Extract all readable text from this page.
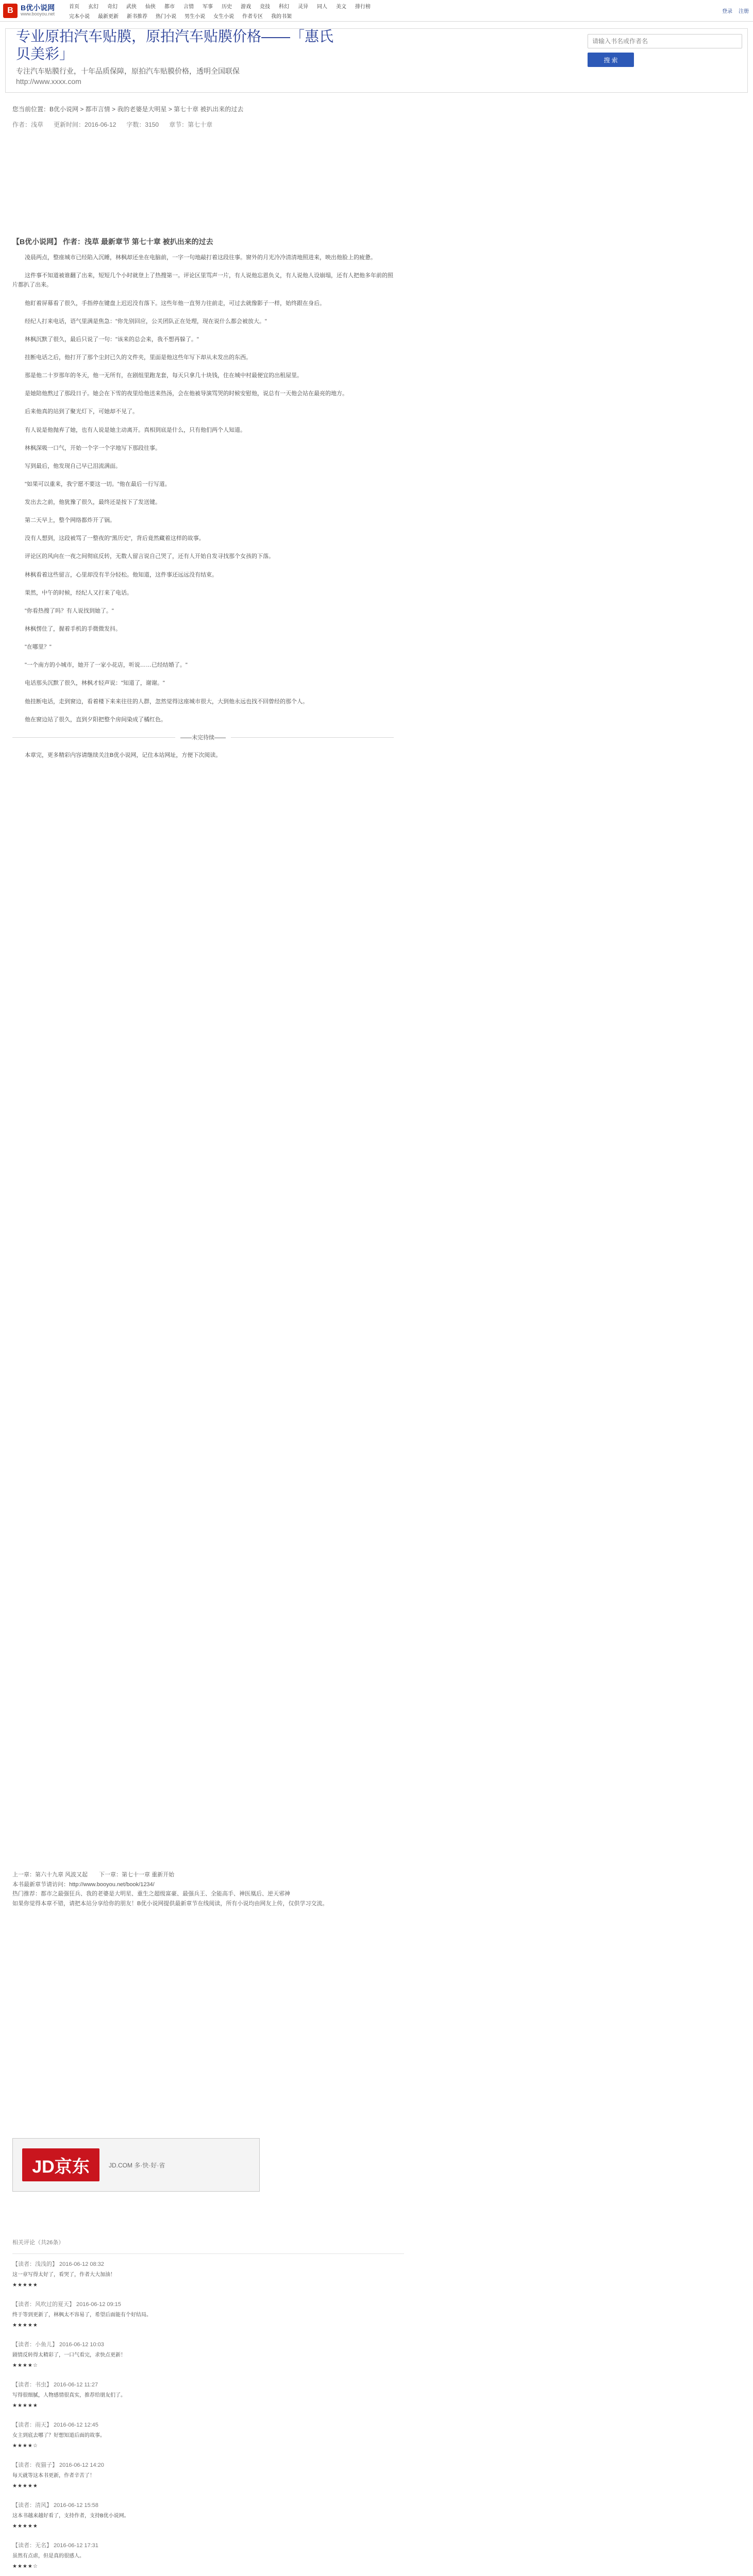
B	B优小说网
www.booyou.net
首页 玄幻 奇幻 武侠 仙侠 都市 言情 军事 历史 游戏 竞技 科幻 灵异 同人 美文 排行榜
完本小说 最新更新 新书推荐 热门小说 男生小说 女生小说 作者专区 我的书架
登录 注册
专业原拍汽车贴膜，原拍汽车贴膜价格——「惠氏贝美彩」
专注汽车贴膜行业，十年品质保障，原拍汽车贴膜价格，透明全国联保
http://www.xxxx.com
请输入书名或作者名
搜 索
您当前位置：B优小说网 > 都市言情 > 我的老婆是大明星 > 第七十章 被扒出来的过去
作者：浅草 更新时间：2016-06-12 字数：3150 章节：第七十章
【B优小说网】 作者：浅草 最新章节 第七十章 被扒出来的过去

凌晨两点，整座城市已经陷入沉睡，林枫却还坐在电脑前，一字一句地敲打着这段往事。窗外的月光冷冷清清地照进来，映出他脸上的疲惫。

这件事不知道被谁翻了出来，短短几个小时就登上了热搜第一。评论区里骂声一片，有人说他忘恩负义，有人说他人设崩塌，还有人把他多年前的照片都扒了出来。

他盯着屏幕看了很久，手指停在键盘上迟迟没有落下。这些年他一直努力往前走，可过去就像影子一样，始终跟在身后。

经纪人打来电话，语气里满是焦急："你先别回应，公关团队正在处理，现在说什么都会被放大。"

林枫沉默了很久，最后只说了一句："该来的总会来，我不想再躲了。"

挂断电话之后，他打开了那个尘封已久的文件夹，里面是他这些年写下却从未发出的东西。

那是他二十岁那年的冬天，他一无所有，在剧组里跑龙套，每天只拿几十块钱，住在城中村最便宜的出租屋里。

是她陪他熬过了那段日子。她会在下雪的夜里给他送来热汤，会在他被导演骂哭的时候安慰他，说总有一天他会站在最亮的地方。

后来他真的站到了聚光灯下，可她却不见了。

有人说是他抛弃了她，也有人说是她主动离开。真相到底是什么，只有他们两个人知道。

林枫深吸一口气，开始一个字一个字地写下那段往事。

写到最后，他发现自己早已泪流满面。

"如果可以重来，我宁愿不要这一切。"他在最后一行写道。

发出去之前，他犹豫了很久，最终还是按下了发送键。

第二天早上，整个网络都炸开了锅。

没有人想到，这段被骂了一整夜的"黑历史"，背后竟然藏着这样的故事。

评论区的风向在一夜之间彻底反转，无数人留言说自己哭了，还有人开始自发寻找那个女孩的下落。

林枫看着这些留言，心里却没有半分轻松。他知道，这件事还远远没有结束。

果然，中午的时候，经纪人又打来了电话。

"你看热搜了吗？有人说找到她了。"

林枫愣住了，握着手机的手微微发抖。

"在哪里？"

"一个南方的小城市，她开了一家小花店，听说……已经结婚了。"

电话那头沉默了很久，林枫才轻声说："知道了，谢谢。"

他挂断电话，走到窗边，看着楼下来来往往的人群，忽然觉得这座城市很大，大到他永远也找不回曾经的那个人。

他在窗边站了很久，直到夕阳把整个房间染成了橘红色。

——未完待续——

本章完，更多精彩内容请继续关注B优小说网，记住本站网址，方便下次阅读。

上一章：第六十九章 风波又起　　下一章：第七十一章 重新开始
本书最新章节请访问：http://www.booyou.net/book/1234/
热门推荐：都市之最强狂兵、我的老婆是大明星、重生之超级富豪、最强兵王、全能高手、神医凰后、逆天邪神
如果你觉得本章不错，请把本站分享给你的朋友！B优小说网提供最新章节在线阅读，所有小说均由网友上传，仅供学习交流。
JD京东	JD.COM 多·快·好·省
相关评论（共26条）
【读者：浅浅的】 2016-06-12 08:32
这一章写得太好了，看哭了，作者大大加油！
★★★★★
【读者：风吹过的夏天】 2016-06-12 09:15
终于等到更新了，林枫太不容易了，希望后面能有个好结局。
★★★★★
【读者：小鱼儿】 2016-06-12 10:03
剧情反转得太精彩了，一口气看完，求快点更新！
★★★★☆
【读者：书虫】 2016-06-12 11:27
写得很细腻，人物感情很真实，推荐给朋友们了。
★★★★★
【读者：雨天】 2016-06-12 12:45
女主到底去哪了？好想知道后面的故事。
★★★★☆
【读者：夜猫子】 2016-06-12 14:20
每天就等这本书更新，作者辛苦了！
★★★★★
【读者：清风】 2016-06-12 15:58
这本书越来越好看了，支持作者，支持B优小说网。
★★★★★
【读者：无名】 2016-06-12 17:31
虽然有点虐，但是真的很感人。
★★★★☆
